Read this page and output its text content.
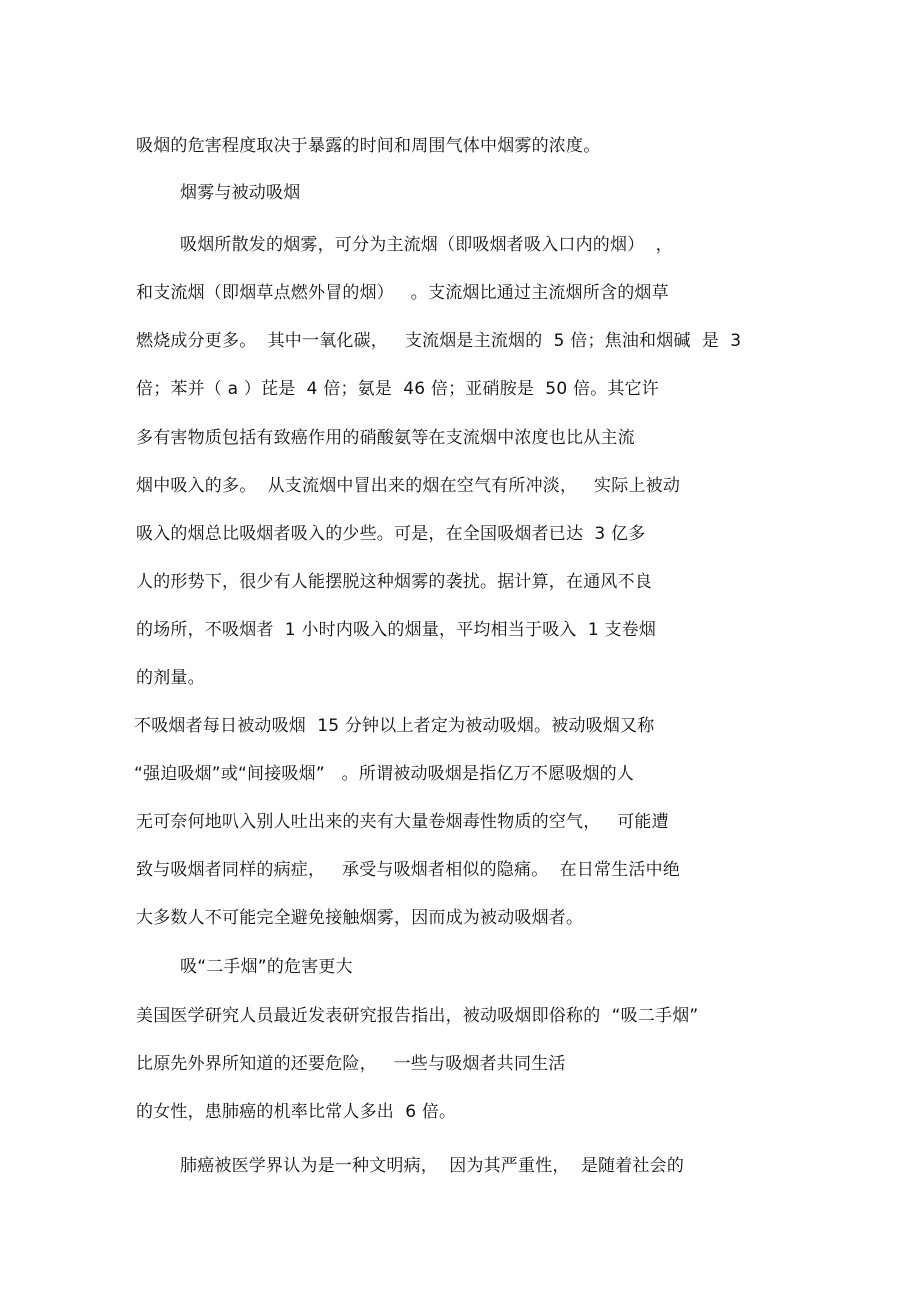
吸烟的危害程度取决于暴露的时间和周围气体中烟雾的浓度。
烟雾与被动吸烟
吸烟所散发的烟雾，可分为主流烟（即吸烟者吸入口内的烟）  ，
和支流烟（即烟草点燃外冒的烟）   。支流烟比通过主流烟所含的烟草
燃烧成分更多。  其中一氧化碳，   支流烟是主流烟的  5 倍；焦油和烟碱  是  3
倍；苯并（ a ）芘是  4 倍；氨是  46 倍；亚硝胺是  50 倍。其它许
多有害物质包括有致癌作用的硝酸氨等在支流烟中浓度也比从主流
烟中吸入的多。  从支流烟中冒出来的烟在空气有所冲淡，   实际上被动
吸入的烟总比吸烟者吸入的少些。可是，在全国吸烟者已达  3 亿多
人的形势下，很少有人能摆脱这种烟雾的袭扰。据计算，在通风不良
的场所，不吸烟者  1 小时内吸入的烟量，平均相当于吸入  1 支卷烟
的剂量。
不吸烟者每日被动吸烟  15 分钟以上者定为被动吸烟。被动吸烟又称
“强迫吸烟”或“间接吸烟”   。所谓被动吸烟是指亿万不愿吸烟的人
无可奈何地叭入别人吐出来的夹有大量卷烟毒性物质的空气，   可能遭
致与吸烟者同样的病症，   承受与吸烟者相似的隐痛。  在日常生活中绝
大多数人不可能完全避免接触烟雾，因而成为被动吸烟者。
吸“二手烟”的危害更大
美国医学研究人员最近发表研究报告指出，被动吸烟即俗称的  “吸二手烟”
比原先外界所知道的还要危险，   一些与吸烟者共同生活
的女性，患肺癌的机率比常人多出  6 倍。
肺癌被医学界认为是一种文明病，  因为其严重性，  是随着社会的
